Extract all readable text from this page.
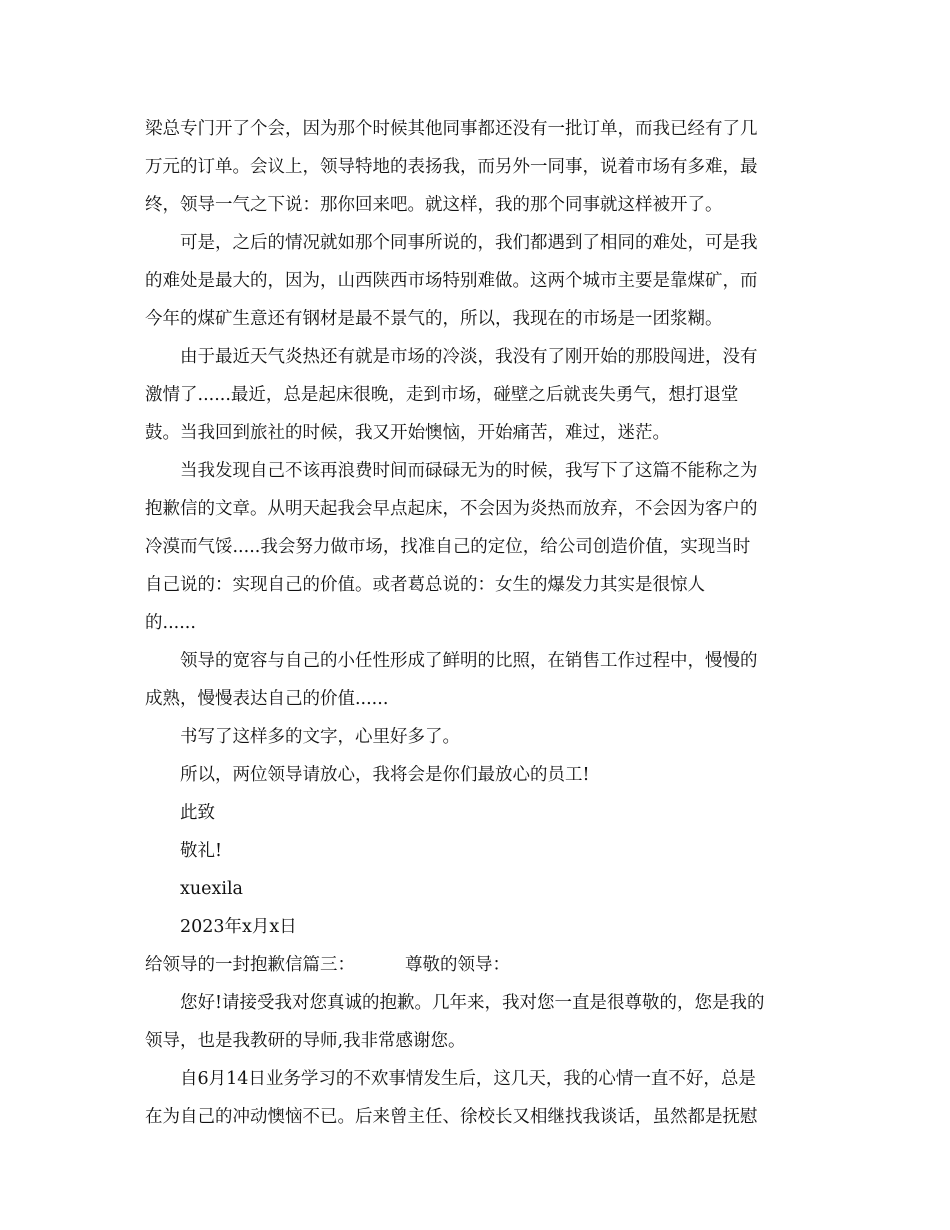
梁总专门开了个会，因为那个时候其他同事都还没有一批订单，而我已经有了几
万元的订单。会议上，领导特地的表扬我，而另外一同事，说着市场有多难，最
终，领导一气之下说：那你回来吧。就这样，我的那个同事就这样被开了。
可是，之后的情况就如那个同事所说的，我们都遇到了相同的难处，可是我
的难处是最大的，因为，山西陕西市场特别难做。这两个城市主要是靠煤矿，而
今年的煤矿生意还有钢材是最不景气的，所以，我现在的市场是一团浆糊。
由于最近天气炎热还有就是市场的冷淡，我没有了刚开始的那股闯进，没有
激情了......最近，总是起床很晚，走到市场，碰壁之后就丧失勇气，想打退堂
鼓。当我回到旅社的时候，我又开始懊恼，开始痛苦，难过，迷茫。
当我发现自己不该再浪费时间而碌碌无为的时候，我写下了这篇不能称之为
抱歉信的文章。从明天起我会早点起床，不会因为炎热而放弃，不会因为客户的
冷漠而气馁.....我会努力做市场，找准自己的定位，给公司创造价值，实现当时
自己说的：实现自己的价值。或者葛总说的：女生的爆发力其实是很惊人
的......
领导的宽容与自己的小任性形成了鲜明的比照，在销售工作过程中，慢慢的
成熟，慢慢表达自己的价值......
书写了这样多的文字，心里好多了。
所以，两位领导请放心，我将会是你们最放心的员工!
此致
敬礼!
xuexila
2023年x月x日
给领导的一封抱歉信篇三：	尊敬的领导：
您好!请接受我对您真诚的抱歉。几年来，我对您一直是很尊敬的，您是我的
领导，也是我教研的导师,我非常感谢您。
自6月14日业务学习的不欢事情发生后，这几天，我的心情一直不好，总是
在为自己的冲动懊恼不已。后来曾主任、徐校长又相继找我谈话，虽然都是抚慰
